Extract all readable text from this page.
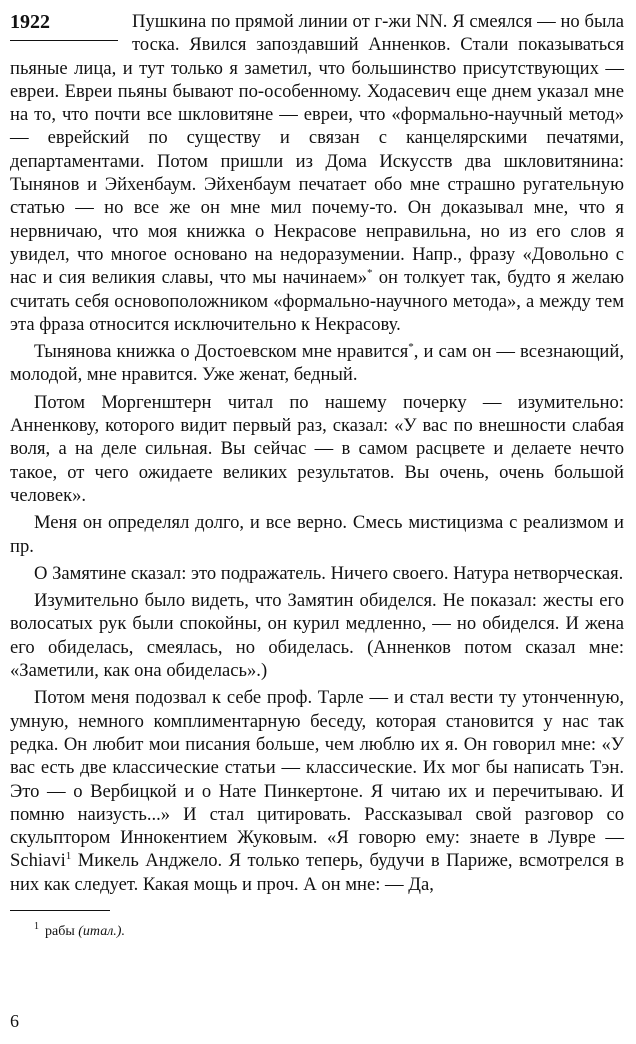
1922	Пушкина по прямой линии от г-жи NN. Я смеялся — но была тоска. Явился запоздавший Анненков. Стали показываться пьяные лица, и тут только я заметил, что большинство присутствующих — евреи. Евреи пьяны бывают по-особенному. Ходасевич еще днем указал мне на то, что почти все шкловитяне — евреи, что «формально-научный метод» — еврейский по существу и связан с канцелярскими печатями, департаментами. Потом пришли из Дома Искусств два шкловитянина: Тынянов и Эйхенбаум. Эйхенбаум печатает обо мне страшно ругательную статью — но все же он мне мил почему-то. Он доказывал мне, что я нервничаю, что моя книжка о Некрасове неправильна, но из его слов я увидел, что многое основано на недоразумении. Напр., фразу «Довольно с нас и сия великия славы, что мы начинаем»* он толкует так, будто я желаю считать себя основоположником «формально-научного метода», а между тем эта фраза относится исключительно к Некрасову.

Тынянова книжка о Достоевском мне нравится*, и сам он — всезнающий, молодой, мне нравится. Уже женат, бедный.

Потом Моргенштерн читал по нашему почерку — изумительно: Анненкову, которого видит первый раз, сказал: «У вас по внешности слабая воля, а на деле сильная. Вы сейчас — в самом расцвете и делаете нечто такое, от чего ожидаете великих результатов. Вы очень, очень большой человек».

Меня он определял долго, и все верно. Смесь мистицизма с реализмом и пр.

О Замятине сказал: это подражатель. Ничего своего. Натура нетворческая.

Изумительно было видеть, что Замятин обиделся. Не показал: жесты его волосатых рук были спокойны, он курил медленно, — но обиделся. И жена его обиделась, смеялась, но обиделась. (Анненков потом сказал мне: «Заметили, как она обиделась».)

Потом меня подозвал к себе проф. Тарле — и стал вести ту утонченную, умную, немного комплиментарную беседу, которая становится у нас так редка. Он любит мои писания больше, чем люблю их я. Он говорил мне: «У вас есть две классические статьи — классические. Их мог бы написать Тэн. Это — о Вербицкой и о Нате Пинкертоне. Я читаю их и перечитываю. И помню наизусть...» И стал цитировать. Рассказывал свой разговор со скульптором Иннокентием Жуковым. «Я говорю ему: знаете в Лувре — Schiavi$^1$ Микель Анджело. Я только теперь, будучи в Париже, всмотрелся в них как следует. Какая мощь и проч. А он мне: — Да,

$^1$ рабы (итал.).
6
